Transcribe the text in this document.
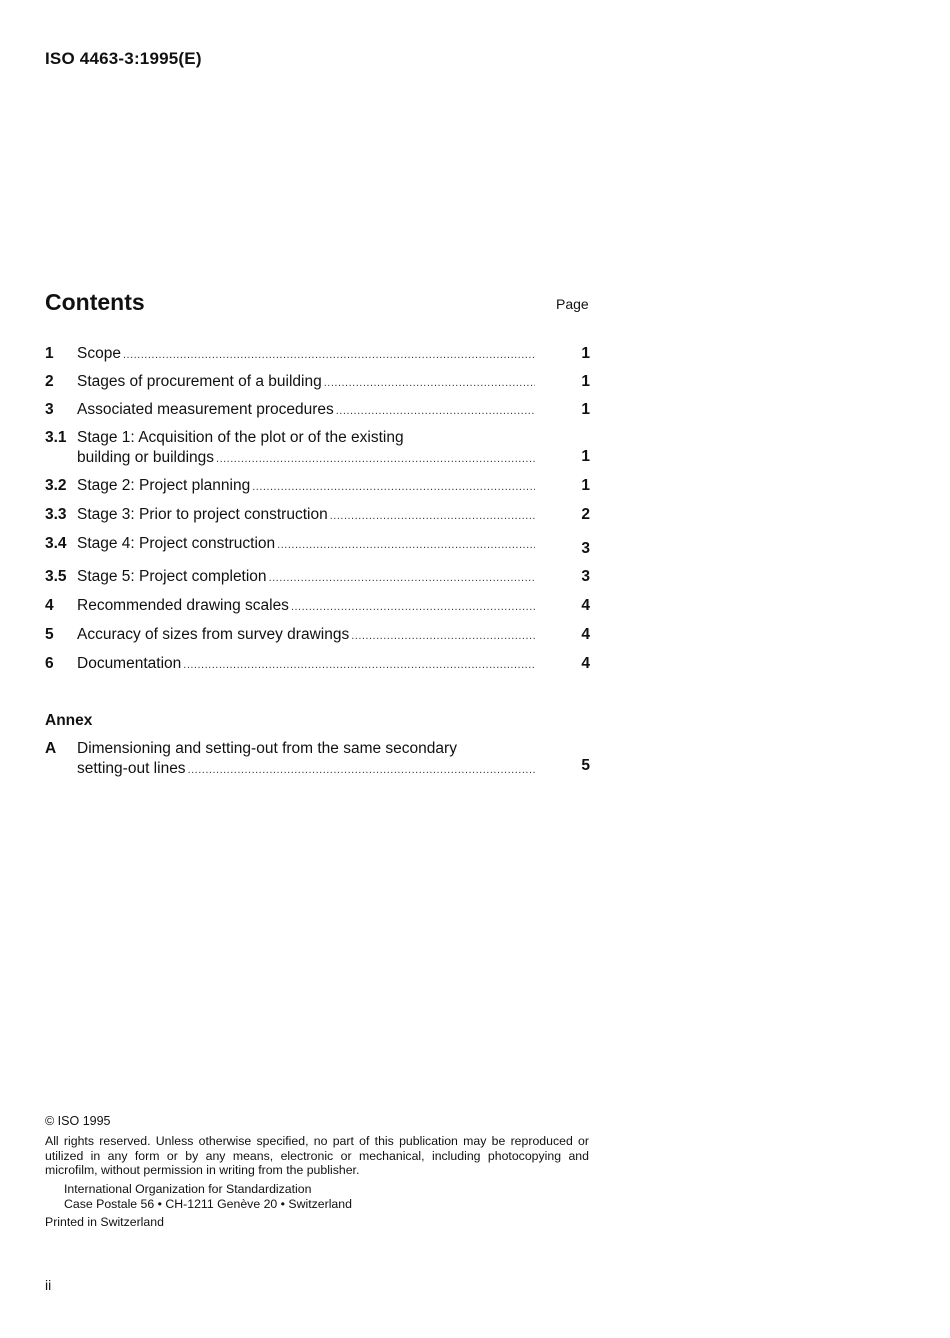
ISO 4463-3:1995(E)
Contents	Page
1 Scope .....	1
2 Stages of procurement of a building .....	1
3 Associated measurement procedures .....	1
3.1 Stage 1: Acquisition of the plot or of the existing
building or buildings .....	1
3.2 Stage 2: Project planning .....	1
3.3 Stage 3: Prior to project construction .....	2
3.4 Stage 4: Project construction .....	3
3.5 Stage 5: Project completion .....	3
4 Recommended drawing scales .....	4
5 Accuracy of sizes from survey drawings .....	4
6 Documentation .....	4
Annex
A Dimensioning and setting-out from the same secondary
setting-out lines .....	5
© ISO 1995
All rights reserved. Unless otherwise specified, no part of this publication may be reproduced or utilized in any form or by any means, electronic or mechanical, including photocopying and microfilm, without permission in writing from the publisher.
International Organization for Standardization
Case Postale 56 • CH-1211 Genève 20 • Switzerland
Printed in Switzerland
ii
